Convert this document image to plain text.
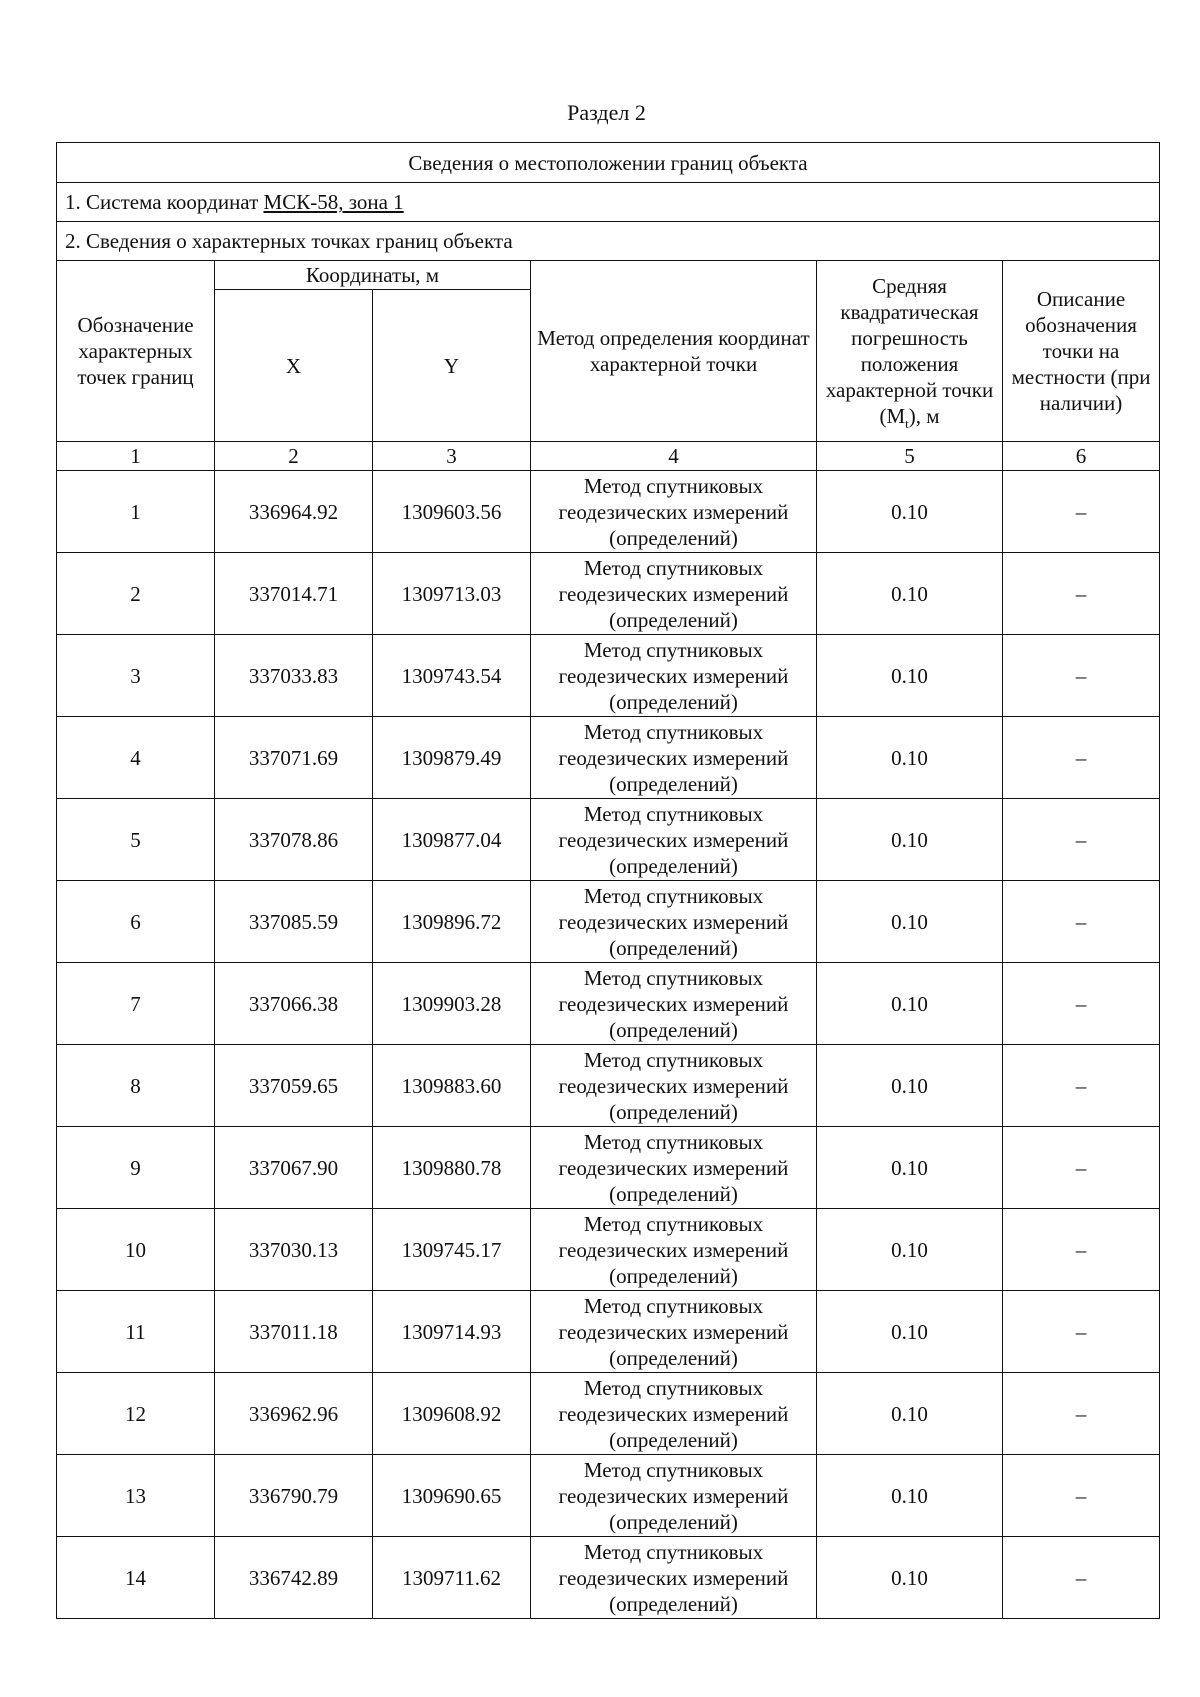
Раздел 2
Сведения о местоположении границ объекта					
1. Система координат МСК-58, зона 1					
2. Сведения о характерных точках границ объекта					

Обозначение характерных точек границ	Координаты, м		Метод определения координат характерной точки	Средняя квадратическая погрешность положения характерной точки $(M_t)$, м	Описание обозначения точки на местности (при наличии)

	X	Y			
1	2	3	4	5	6
1	336964.92	1309603.56	Метод спутниковых геодезических измерений (определений)	0.10	–
2	337014.71	1309713.03	Метод спутниковых геодезических измерений (определений)	0.10	–
3	337033.83	1309743.54	Метод спутниковых геодезических измерений (определений)	0.10	–
4	337071.69	1309879.49	Метод спутниковых геодезических измерений (определений)	0.10	–
5	337078.86	1309877.04	Метод спутниковых геодезических измерений (определений)	0.10	–
6	337085.59	1309896.72	Метод спутниковых геодезических измерений (определений)	0.10	–
7	337066.38	1309903.28	Метод спутниковых геодезических измерений (определений)	0.10	–
8	337059.65	1309883.60	Метод спутниковых геодезических измерений (определений)	0.10	–
9	337067.90	1309880.78	Метод спутниковых геодезических измерений (определений)	0.10	–
10	337030.13	1309745.17	Метод спутниковых геодезических измерений (определений)	0.10	–
11	337011.18	1309714.93	Метод спутниковых геодезических измерений (определений)	0.10	–
12	336962.96	1309608.92	Метод спутниковых геодезических измерений (определений)	0.10	–
13	336790.79	1309690.65	Метод спутниковых геодезических измерений (определений)	0.10	–
14	336742.89	1309711.62	Метод спутниковых геодезических измерений (определений)	0.10	–
